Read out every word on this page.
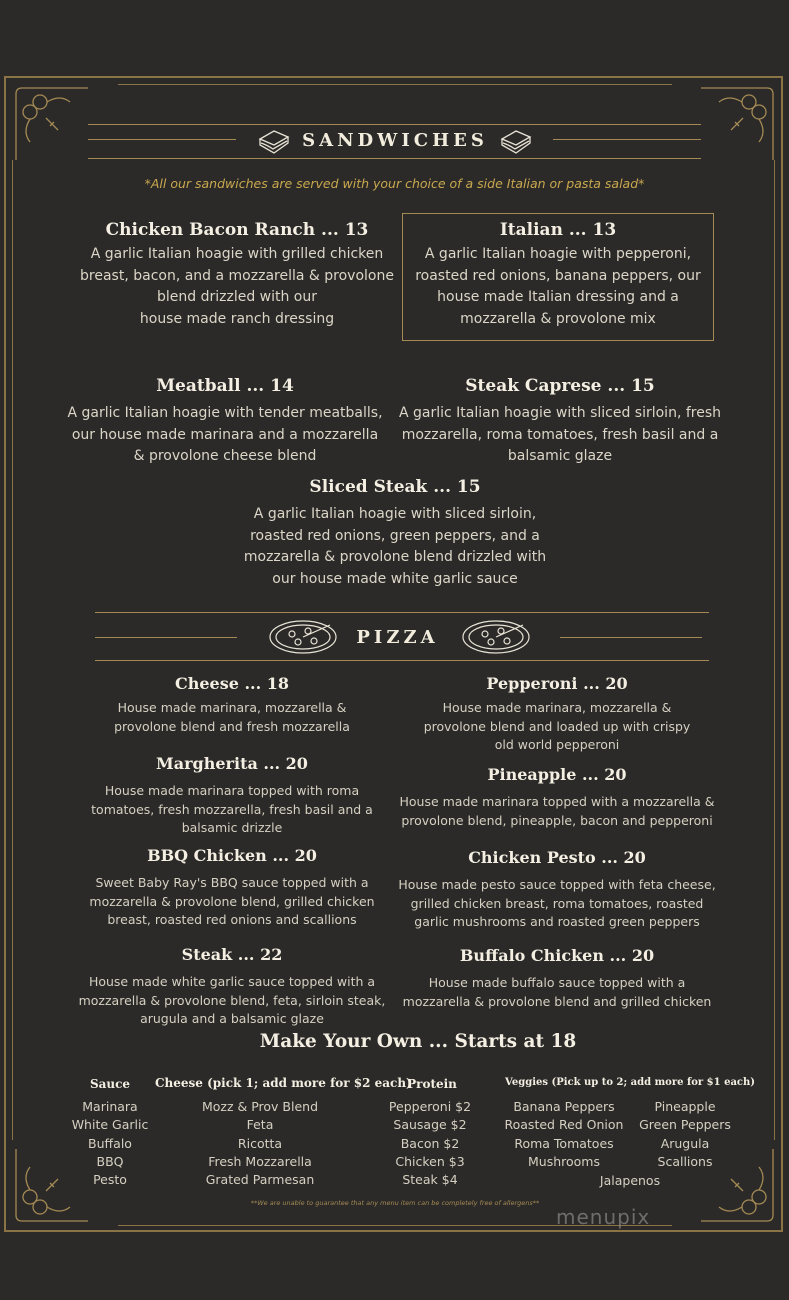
SANDWICHES
*All our sandwiches are served with your choice of a side Italian or pasta salad*
Chicken Bacon Ranch ... 13
A garlic Italian hoagie with grilled chicken
breast, bacon, and a mozzarella & provolone
blend drizzled with our
house made ranch dressing
Italian ... 13
A garlic Italian hoagie with pepperoni,
roasted red onions, banana peppers, our
house made Italian dressing and a
mozzarella & provolone mix
Meatball ... 14
A garlic Italian hoagie with tender meatballs,
our house made marinara and a mozzarella
& provolone cheese blend
Steak Caprese ... 15
A garlic Italian hoagie with sliced sirloin, fresh
mozzarella, roma tomatoes, fresh basil and a
balsamic glaze
Sliced Steak ... 15
A garlic Italian hoagie with sliced sirloin,
roasted red onions, green peppers, and a
mozzarella & provolone blend drizzled with
our house made white garlic sauce
PIZZA
Cheese ... 18
House made marinara, mozzarella &
provolone blend and fresh mozzarella
Pepperoni ... 20
House made marinara, mozzarella &
provolone blend and loaded up with crispy
old world pepperoni
Margherita ... 20
House made marinara topped with roma
tomatoes, fresh mozzarella, fresh basil and a
balsamic drizzle
Pineapple ... 20
House made marinara topped with a mozzarella &
provolone blend, pineapple, bacon and pepperoni
BBQ Chicken ... 20
Sweet Baby Ray's BBQ sauce topped with a
mozzarella & provolone blend, grilled chicken
breast, roasted red onions and scallions
Chicken Pesto ... 20
House made pesto sauce topped with feta cheese,
grilled chicken breast, roma tomatoes, roasted
garlic mushrooms and roasted green peppers
Steak ... 22
House made white garlic sauce topped with a
mozzarella & provolone blend, feta, sirloin steak,
arugula and a balsamic glaze
Buffalo Chicken ... 20
House made buffalo sauce topped with a
mozzarella & provolone blend and grilled chicken
Make Your Own ... Starts at 18
Sauce
Marinara
White Garlic
Buffalo
BBQ
Pesto
Cheese (pick 1; add more for $2 each)
Mozz & Prov Blend
Feta
Ricotta
Fresh Mozzarella
Grated Parmesan
Protein
Pepperoni $2
Sausage $2
Bacon $2
Chicken $3
Steak $4
Veggies (Pick up to 2; add more for $1 each)
Banana Peppers
Roasted Red Onion
Roma Tomatoes
Mushrooms
Pineapple
Green Peppers
Arugula
Scallions
Jalapenos
**We are unable to guarantee that any menu item can be completely free of allergens**
menupix
